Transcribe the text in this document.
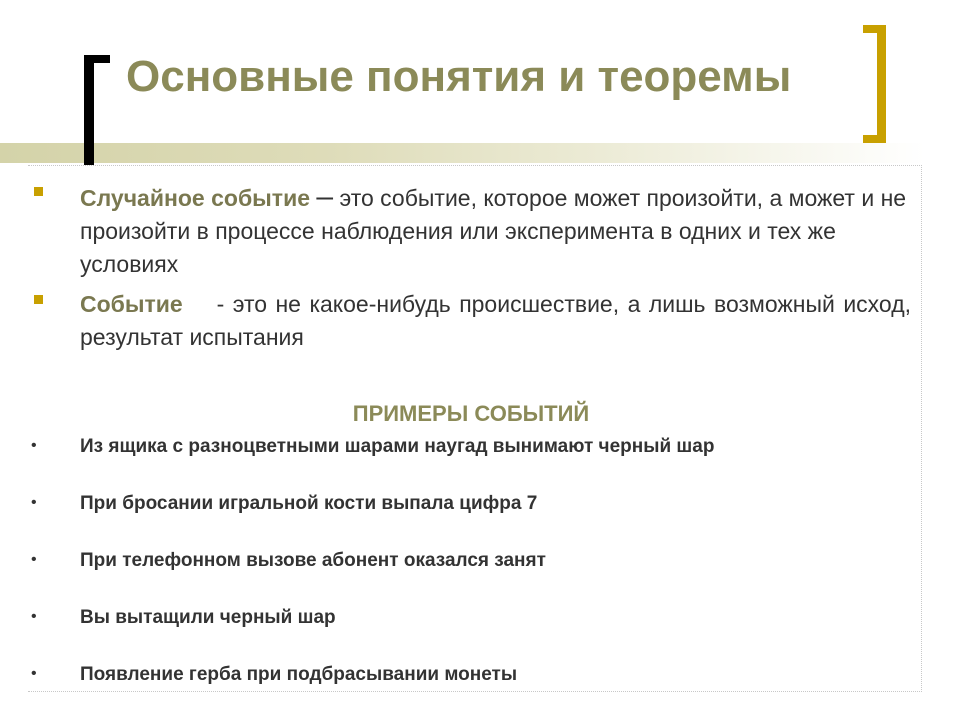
Основные понятия и теоремы

Случайное событие – это событие, которое может произойти, а может и не произойти в процессе наблюдения или эксперимента в одних и тех же условиях

Событие - это не какое-нибудь происшествие, а лишь возможный исход, результат испытания

ПРИМЕРЫ СОБЫТИЙ
• Из ящика с разноцветными шарами наугад вынимают черный шар

• При бросании игральной кости выпала цифра 7

• При телефонном вызове абонент оказался занят

• Вы вытащили черный шар

• Появление герба при подбрасывании монеты
